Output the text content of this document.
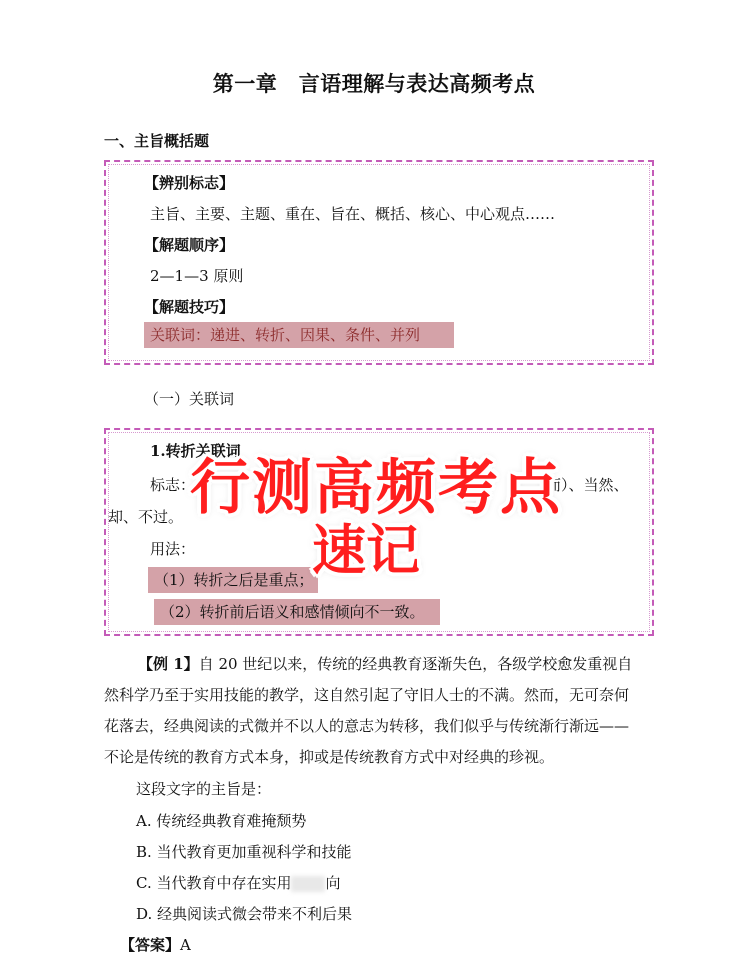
第一章　言语理解与表达高频考点
一、主旨概括题
【辨别标志】
主旨、主要、主题、重在、旨在、概括、核心、中心观点……
【解题顺序】
2—1—3 原则
【解题技巧】
关联词：递进、转折、因果、条件、并列
（一）关联词
1.转折关联词
标志：	而）、当然、
却、不过。
用法：
（1）转折之后是重点；
（2）转折前后语义和感情倾向不一致。
行测高频考点
速记
【例 1】自 20 世纪以来，传统的经典教育逐渐失色，各级学校愈发重视自
然科学乃至于实用技能的教学，这自然引起了守旧人士的不满。然而，无可奈何
花落去，经典阅读的式微并不以人的意志为转移，我们似乎与传统渐行渐远——
不论是传统的教育方式本身，抑或是传统教育方式中对经典的珍视。
这段文字的主旨是：
A. 传统经典教育难掩颓势
B. 当代教育更加重视科学和技能
C. 当代教育中存在实用 向
D. 经典阅读式微会带来不利后果
【答案】A
